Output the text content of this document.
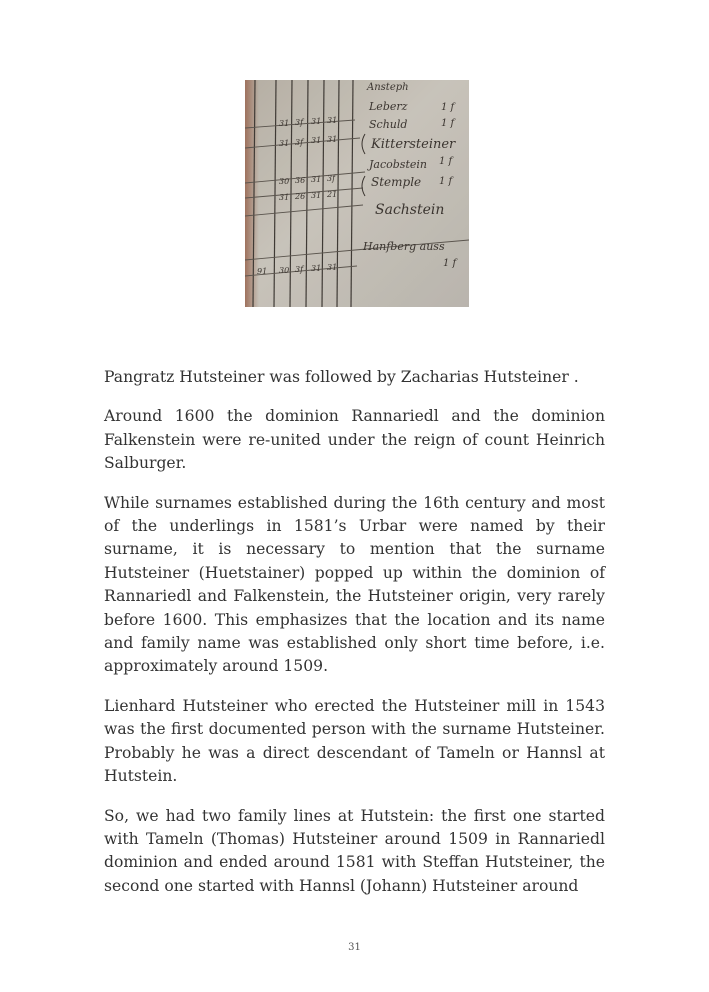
31 3f 31 31
31 3f 31 31
30 36 31 3f
31 26 31 21
30 3f 31 31
91
Ansteph
Leberz	1 f
Schuld	1 f
Kittersteiner
Jacobstein 1 f
Stemple 1 f
Sachstein
Hanfberg auss
1 f

Pangratz Hutsteiner was followed by Zacharias Hutsteiner .

Around 1600 the dominion Rannariedl and the dominion Falkenstein were re-united under the reign of count Heinrich Salburger.

While surnames established during the 16th century and most of the underlings in 1581’s Urbar were named by their surname, it is necessary to mention that the surname Hutsteiner (Huetstainer) popped up within the dominion of Rannariedl and Falkenstein, the Hutsteiner origin, very rarely before 1600. This emphasizes that the location and its name and family name was established only short time before, i.e. approximately around 1509.

Lienhard Hutsteiner who erected the Hutsteiner mill in 1543 was the first documented person with the surname Hutsteiner. Probably he was a direct descendant of Tameln or Hannsl at Hutstein.

So, we had two family lines at Hutstein: the first one started with Tameln (Thomas) Hutsteiner around 1509 in Rannariedl dominion and ended around 1581 with Steffan Hutsteiner, the second one started with Hannsl (Johann) Hutsteiner around

31
